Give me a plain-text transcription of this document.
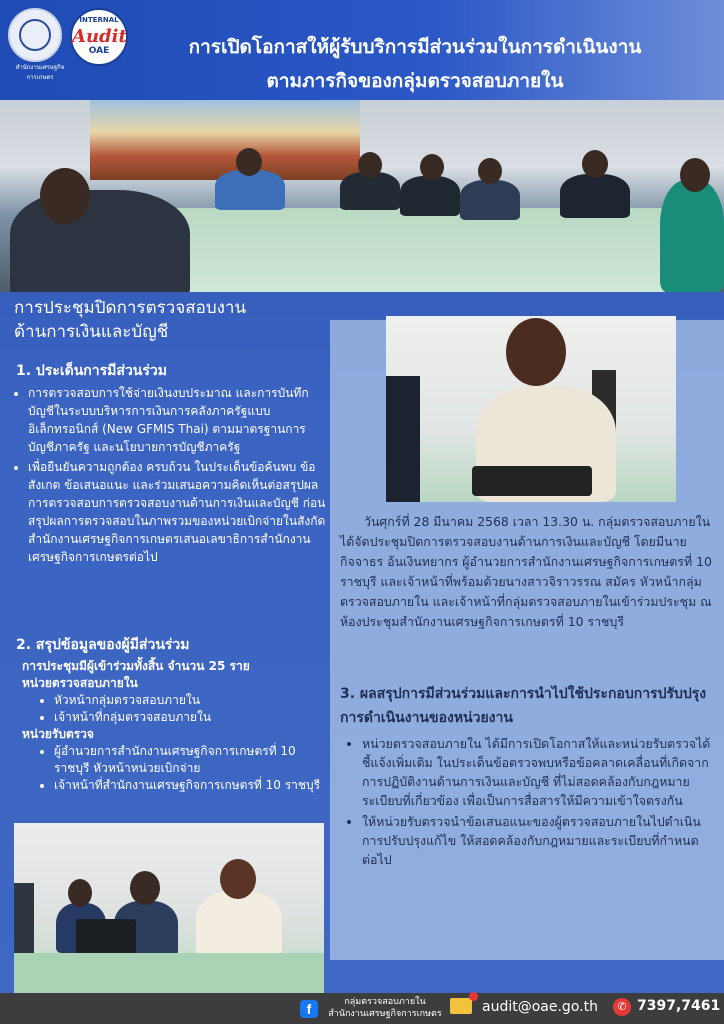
สำนักงานเศรษฐกิจการเกษตร
INTERNAL
Audit
OAE	การเปิดโอกาสให้ผู้รับบริการมีส่วนร่วมในการดำเนินงาน
ตามภารกิจของกลุ่มตรวจสอบภายใน
การประชุมปิดการตรวจสอบงาน
ด้านการเงินและบัญชี
วันศุกร์ที่ 28 มีนาคม 2568 เวลา 13.30 น. กลุ่มตรวจสอบภายใน ได้จัดประชุมปิดการตรวจสอบงานด้านการเงินและบัญชี โดยมีนายกิจจาธร อ้นเงินทยากร ผู้อำนวยการสำนักงานเศรษฐกิจการเกษตรที่ 10 ราชบุรี และเจ้าหน้าที่พร้อมด้วยนางสาวจิราวรรณ สมัคร หัวหน้ากลุ่มตรวจสอบภายใน และเจ้าหน้าที่กลุ่มตรวจสอบภายในเข้าร่วมประชุม ณ ห้องประชุมสำนักงานเศรษฐกิจการเกษตรที่ 10 ราชบุรี
3. ผลสรุปการมีส่วนร่วมและการนำไปใช้ประกอบการปรับปรุงการดำเนินงานของหน่วยงาน
• หน่วยตรวจสอบภายใน ได้มีการเปิดโอกาสให้และหน่วยรับตรวจได้ชี้แจ้งเพิ่มเติม ในประเด็นข้อตรวจพบหรือข้อคลาดเคลื่อนที่เกิดจากการปฏิบัติงานด้านการเงินและบัญชี ที่ไม่สอดคล้องกับกฎหมาย ระเบียบที่เกี่ยวข้อง เพื่อเป็นการสื่อสารให้มีความเข้าใจตรงกัน
• ให้หน่วยรับตรวจนำข้อเสนอแนะของผู้ตรวจสอบภายในไปดำเนินการปรับปรุงแก้ไข ให้สอดคล้องกับกฎหมายและระเบียบที่กำหนดต่อไป
1. ประเด็นการมีส่วนร่วม
• การตรวจสอบการใช้จ่ายเงินงบประมาณ และการบันทึกบัญชีในระบบบริหารการเงินการคลังภาครัฐแบบอิเล็กทรอนิกส์ (New GFMIS Thai) ตามมาตรฐานการบัญชีภาครัฐ และนโยบายการบัญชีภาครัฐ
• เพื่อยืนยันความถูกต้อง ครบถ้วน ในประเด็นข้อค้นพบ ข้อสังเกต ข้อเสนอแนะ และร่วมเสนอความคิดเห็นต่อสรุปผลการตรวจสอบการตรวจสอบงานด้านการเงินและบัญชี ก่อนสรุปผลการตรวจสอบในภาพรวมของหน่วยเบิกจ่ายในสังกัดสำนักงานเศรษฐกิจการเกษตรเสนอเลขาธิการสำนักงานเศรษฐกิจการเกษตรต่อไป
2. สรุปข้อมูลของผู้มีส่วนร่วม
การประชุมมีผู้เข้าร่วมทั้งสิ้น จำนวน 25 ราย
หน่วยตรวจสอบภายใน
• หัวหน้ากลุ่มตรวจสอบภายใน
• เจ้าหน้าที่กลุ่มตรวจสอบภายใน
หน่วยรับตรวจ
• ผู้อำนวยการสำนักงานเศรษฐกิจการเกษตรที่ 10 ราชบุรี หัวหน้าหน่วยเบิกจ่าย
• เจ้าหน้าที่สำนักงานเศรษฐกิจการเกษตรที่ 10 ราชบุรี
f	กลุ่มตรวจสอบภายใน
สำนักงานเศรษฐกิจการเกษตร	audit@oae.go.th	✆ 7397,7461
